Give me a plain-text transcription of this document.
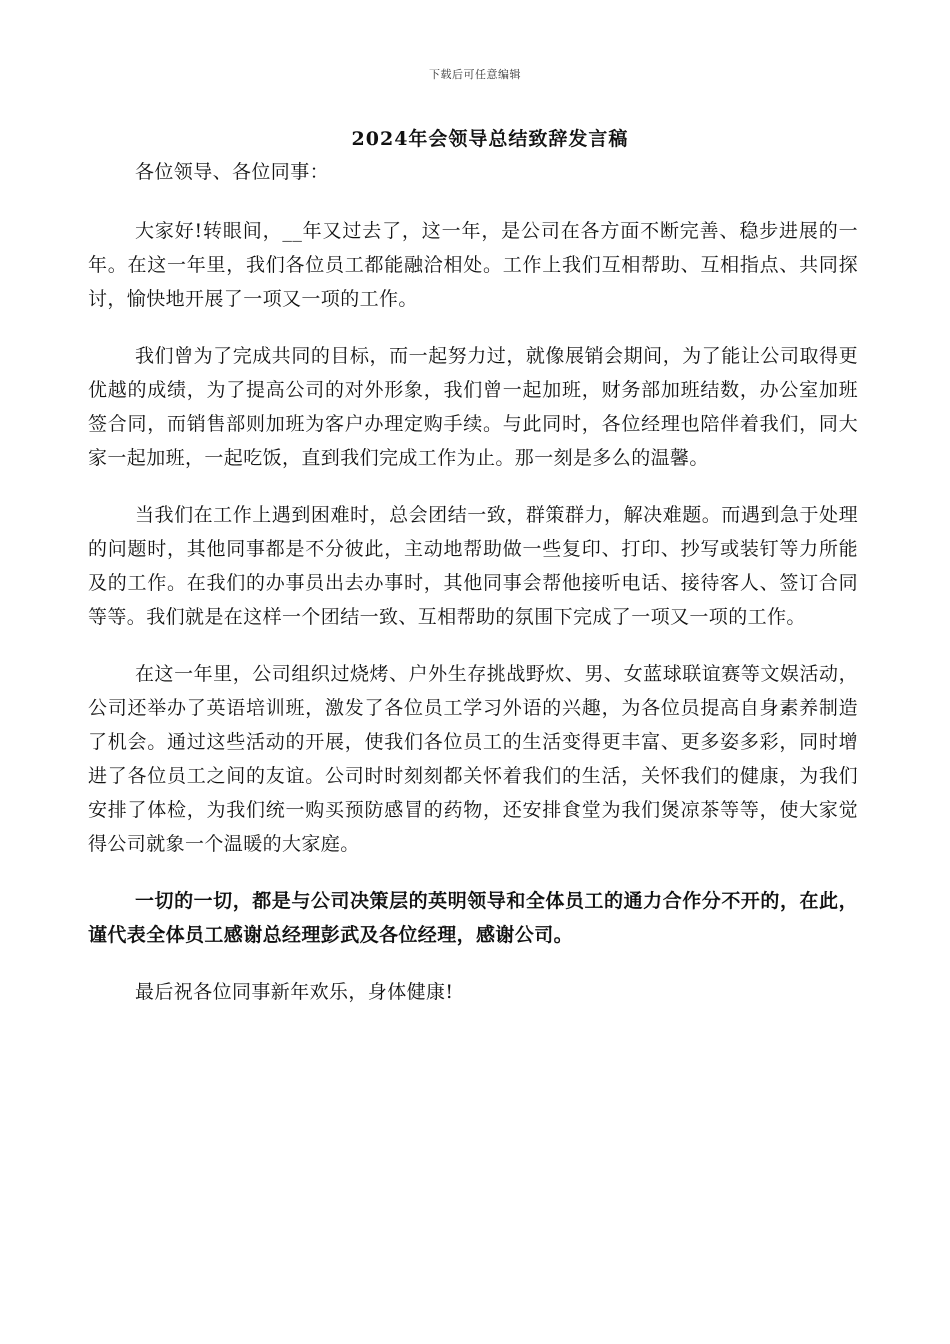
下载后可任意编辑
2024年会领导总结致辞发言稿

各位领导、各位同事：

大家好!转眼间，__年又过去了，这一年，是公司在各方面不断完善、稳步进展的一年。在这一年里，我们各位员工都能融洽相处。工作上我们互相帮助、互相指点、共同探讨，愉快地开展了一项又一项的工作。

我们曾为了完成共同的目标，而一起努力过，就像展销会期间，为了能让公司取得更优越的成绩，为了提高公司的对外形象，我们曾一起加班，财务部加班结数，办公室加班签合同，而销售部则加班为客户办理定购手续。与此同时，各位经理也陪伴着我们，同大家一起加班，一起吃饭，直到我们完成工作为止。那一刻是多么的温馨。

当我们在工作上遇到困难时，总会团结一致，群策群力，解决难题。而遇到急于处理的问题时，其他同事都是不分彼此，主动地帮助做一些复印、打印、抄写或装钉等力所能及的工作。在我们的办事员出去办事时，其他同事会帮他接听电话、接待客人、签订合同等等。我们就是在这样一个团结一致、互相帮助的氛围下完成了一项又一项的工作。

在这一年里，公司组织过烧烤、户外生存挑战野炊、男、女蓝球联谊赛等文娱活动，公司还举办了英语培训班，激发了各位员工学习外语的兴趣，为各位员提高自身素养制造了机会。通过这些活动的开展，使我们各位员工的生活变得更丰富、更多姿多彩，同时增进了各位员工之间的友谊。公司时时刻刻都关怀着我们的生活，关怀我们的健康，为我们安排了体检，为我们统一购买预防感冒的药物，还安排食堂为我们煲凉茶等等，使大家觉得公司就象一个温暖的大家庭。

一切的一切，都是与公司决策层的英明领导和全体员工的通力合作分不开的，在此，谨代表全体员工感谢总经理彭武及各位经理，感谢公司。

最后祝各位同事新年欢乐，身体健康!
